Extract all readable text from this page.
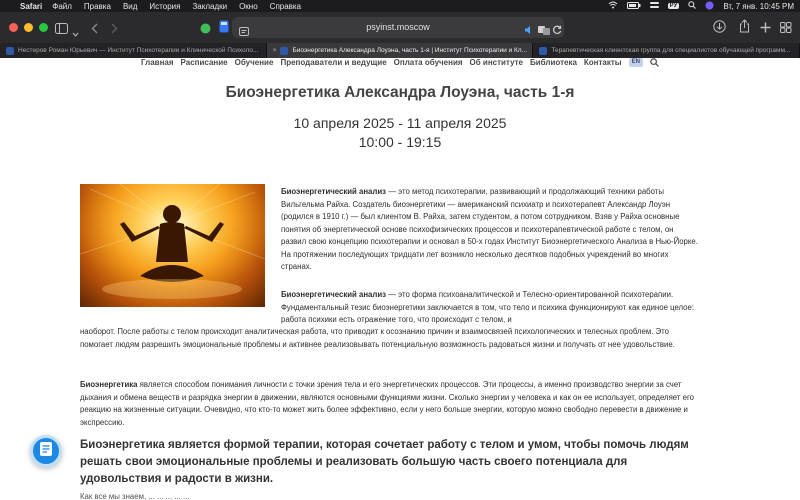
Safari Файл Правка Вид История Закладки Окно Справка	PУ	Вт, 7 янв. 10:45 PM
psyinst.moscow
Нестеров Роман Юрьевич — Институт Психотерапии и Клинической Психоло... × Биоэнергетика Александра Лоуэна, часть 1-я | Институт Психотерапии и Кл...	Терапевтическая клиентская группа для специалистов обучающей программ...
Главная Расписание Обучение Преподаватели и ведущие Оплата обучения Об институте Библиотека Контакты	EN
Биоэнергетика Александра Лоуэна, часть 1-я
10 апреля 2025 - 11 апреля 2025
10:00 - 19:15

Биоэнергетический анализ — это метод психотерапии, развивающий и продолжающий техники работы Вильгельма Райха. Создатель биоэнергетики — американский психиатр и психотерапевт Александр Лоуэн (родился в 1910 г.) — был клиентом В. Райха, затем студентом, а потом сотрудником. Взяв у Райха основные понятия об энергетической основе психофизических процессов и психотерапевтической работе с телом, он развил свою концепцию психотерапии и основал в 50-х годах Институт Биоэнергетического Анализа в Нью-Йорке. На протяжении последующих тридцати лет возникло несколько десятков подобных учреждений во многих странах.

Биоэнергетический анализ — это форма психоаналитической и Телесно-ориентированной психотерапии. Фундаментальный тезис биоэнергетики заключается в том, что тело и психика функционируют как единое целое: работа психики есть отражение того, что происходит с телом, и

наоборот. После работы с телом происходит аналитическая работа, что приводит к осознанию причин и взаимосвязей психологических и телесных проблем. Это помогает людям разрешить эмоциональные проблемы и активнее реализовывать потенциальную возможность радоваться жизни и получать от нее удовольствие.

Биоэнергетика является способом понимания личности с точки зрения тела и его энергетических процессов. Эти процессы, а именно производство энергии за счет дыхания и обмена веществ и разрядка энергии в движении, являются основными функциями жизни. Сколько энергии у человека и как он ее использует, определяет его реакцию на жизненные ситуации. Очевидно, что кто-то может жить более эффективно, если у него больше энергии, которую можно свободно перевести в движение и экспрессию.

Биоэнергетика является формой терапии, которая сочетает работу с телом и умом, чтобы помочь людям решать свои эмоциональные проблемы и реализовать большую часть своего потенциала для удовольствия и радости в жизни.

Как все мы знаем, ... ... ... ... ...
